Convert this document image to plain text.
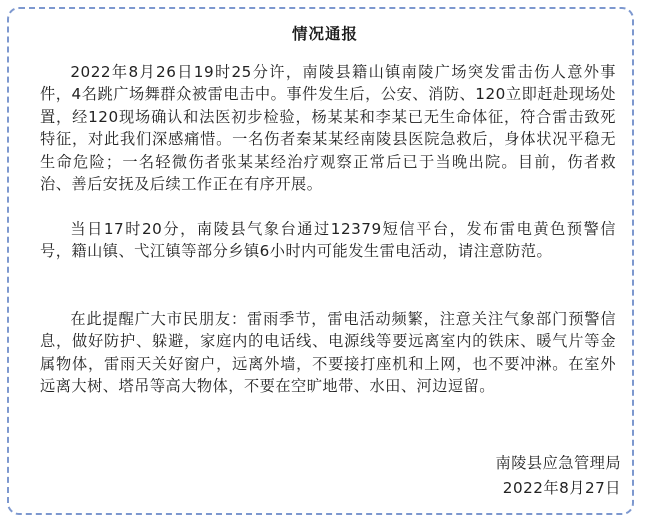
情况通报

2022年8月26日19时25分许，南陵县籍山镇南陵广场突发雷击伤人意外事件，4名跳广场舞群众被雷电击中。事件发生后，公安、消防、120立即赶赴现场处置，经120现场确认和法医初步检验，杨某某和李某已无生命体征，符合雷击致死特征，对此我们深感痛惜。一名伤者秦某某经南陵县医院急救后，身体状况平稳无生命危险；一名轻微伤者张某某经治疗观察正常后已于当晚出院。目前，伤者救治、善后安抚及后续工作正在有序开展。

当日17时20分，南陵县气象台通过12379短信平台，发布雷电黄色预警信号，籍山镇、弋江镇等部分乡镇6小时内可能发生雷电活动，请注意防范。

在此提醒广大市民朋友：雷雨季节，雷电活动频繁，注意关注气象部门预警信息，做好防护、躲避，家庭内的电话线、电源线等要远离室内的铁床、暖气片等金属物体，雷雨天关好窗户，远离外墙，不要接打座机和上网，也不要冲淋。在室外远离大树、塔吊等高大物体，不要在空旷地带、水田、河边逗留。

南陵县应急管理局
2022年8月27日
